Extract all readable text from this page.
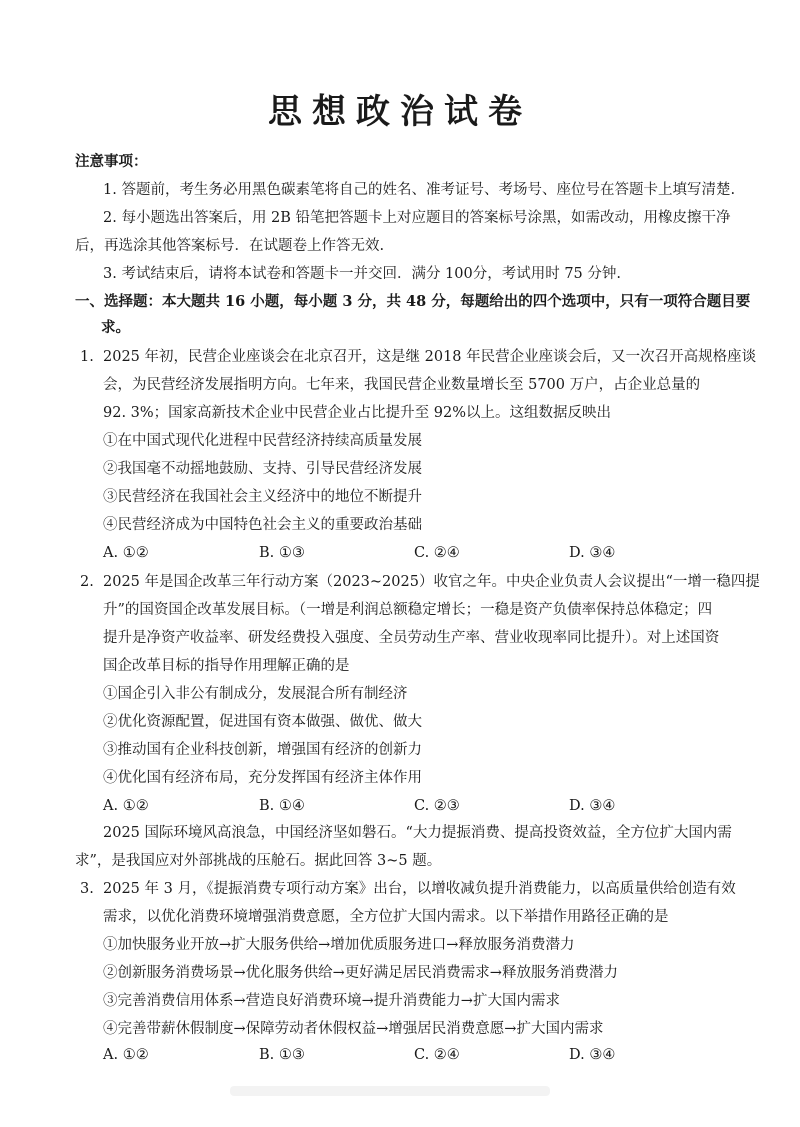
思想政治试卷
注意事项：
1. 答题前，考生务必用黑色碳素笔将自己的姓名、准考证号、考场号、座位号在答题卡上填写清楚.
2. 每小题选出答案后，用 2B 铅笔把答题卡上对应题目的答案标号涂黑，如需改动，用橡皮擦干净
后，再选涂其他答案标号．在试题卷上作答无效.
3. 考试结束后，请将本试卷和答题卡一并交回．满分 100分，考试用时 75 分钟.
一、选择题：本大题共 16 小题，每小题 3 分，共 48 分，每题给出的四个选项中，只有一项符合题目要
求。
1. 2025 年初，民营企业座谈会在北京召开，这是继 2018 年民营企业座谈会后，又一次召开高规格座谈
会，为民营经济发展指明方向。七年来，我国民营企业数量增长至 5700 万户，占企业总量的
92. 3%；国家高新技术企业中民营企业占比提升至 92%以上。这组数据反映出
①在中国式现代化进程中民营经济持续高质量发展
②我国毫不动摇地鼓励、支持、引导民营经济发展
③民营经济在我国社会主义经济中的地位不断提升
④民营经济成为中国特色社会主义的重要政治基础
A. ①②	B. ①③	C. ②④	D. ③④
2. 2025 年是国企改革三年行动方案（2023~2025）收官之年。中央企业负责人会议提出“一增一稳四提
升”的国资国企改革发展目标。（一增是利润总额稳定增长；一稳是资产负债率保持总体稳定；四
提升是净资产收益率、研发经费投入强度、全员劳动生产率、营业收现率同比提升）。对上述国资
国企改革目标的指导作用理解正确的是
①国企引入非公有制成分，发展混合所有制经济
②优化资源配置，促进国有资本做强、做优、做大
③推动国有企业科技创新，增强国有经济的创新力
④优化国有经济布局，充分发挥国有经济主体作用
A. ①②	B. ①④	C. ②③	D. ③④
2025 国际环境风高浪急，中国经济坚如磐石。“大力提振消费、提高投资效益，全方位扩大国内需
求”，是我国应对外部挑战的压舱石。据此回答 3~5 题。
3. 2025 年 3 月，《提振消费专项行动方案》出台，以增收减负提升消费能力，以高质量供给创造有效
需求，以优化消费环境增强消费意愿，全方位扩大国内需求。以下举措作用路径正确的是
①加快服务业开放→扩大服务供给→增加优质服务进口→释放服务消费潜力
②创新服务消费场景→优化服务供给→更好满足居民消费需求→释放服务消费潜力
③完善消费信用体系→营造良好消费环境→提升消费能力→扩大国内需求
④完善带薪休假制度→保障劳动者休假权益→增强居民消费意愿→扩大国内需求
A. ①②	B. ①③	C. ②④	D. ③④
